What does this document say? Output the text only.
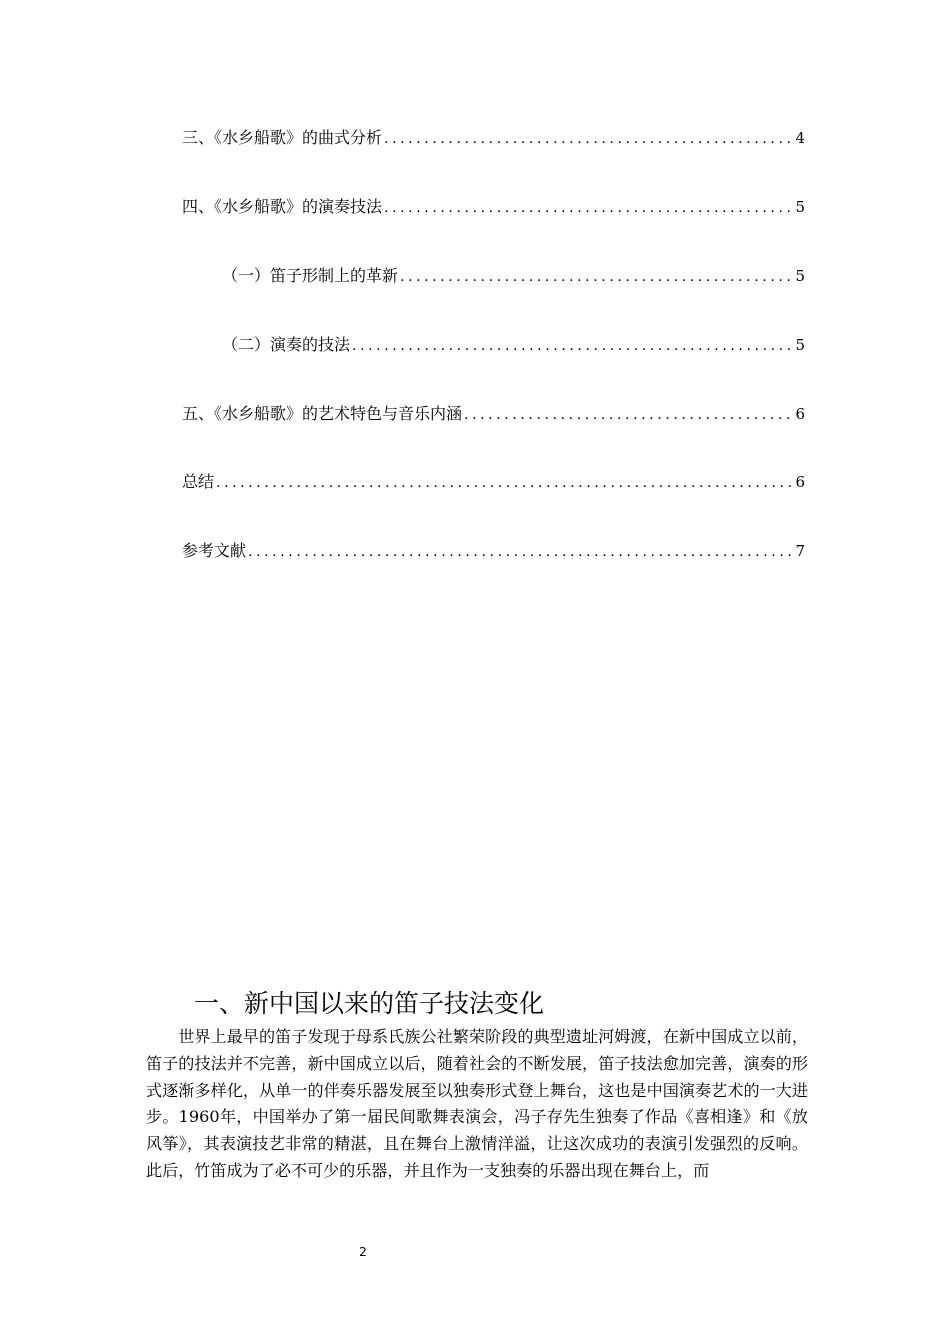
三、《水乡船歌》的曲式分析 .....	4
四、《水乡船歌》的演奏技法 .....	5
（一）笛子形制上的革新 .....	5
（二）演奏的技法 .....	5
五、《水乡船歌》的艺术特色与音乐内涵 .....	6
总结 .....	6
参考文献 .....	7
一、新中国以来的笛子技法变化

世界上最早的笛子发现于母系氏族公社繁荣阶段的典型遗址河姆渡，在新中国成立以前，笛子的技法并不完善，新中国成立以后，随着社会的不断发展，笛子技法愈加完善，演奏的形式逐渐多样化，从单一的伴奏乐器发展至以独奏形式登上舞台，这也是中国演奏艺术的一大进步。1960年，中国举办了第一届民间歌舞表演会，冯子存先生独奏了作品《喜相逢》和《放风筝》，其表演技艺非常的精湛，且在舞台上激情洋溢，让这次成功的表演引发强烈的反响。此后，竹笛成为了必不可少的乐器，并且作为一支独奏的乐器出现在舞台上，而

2
